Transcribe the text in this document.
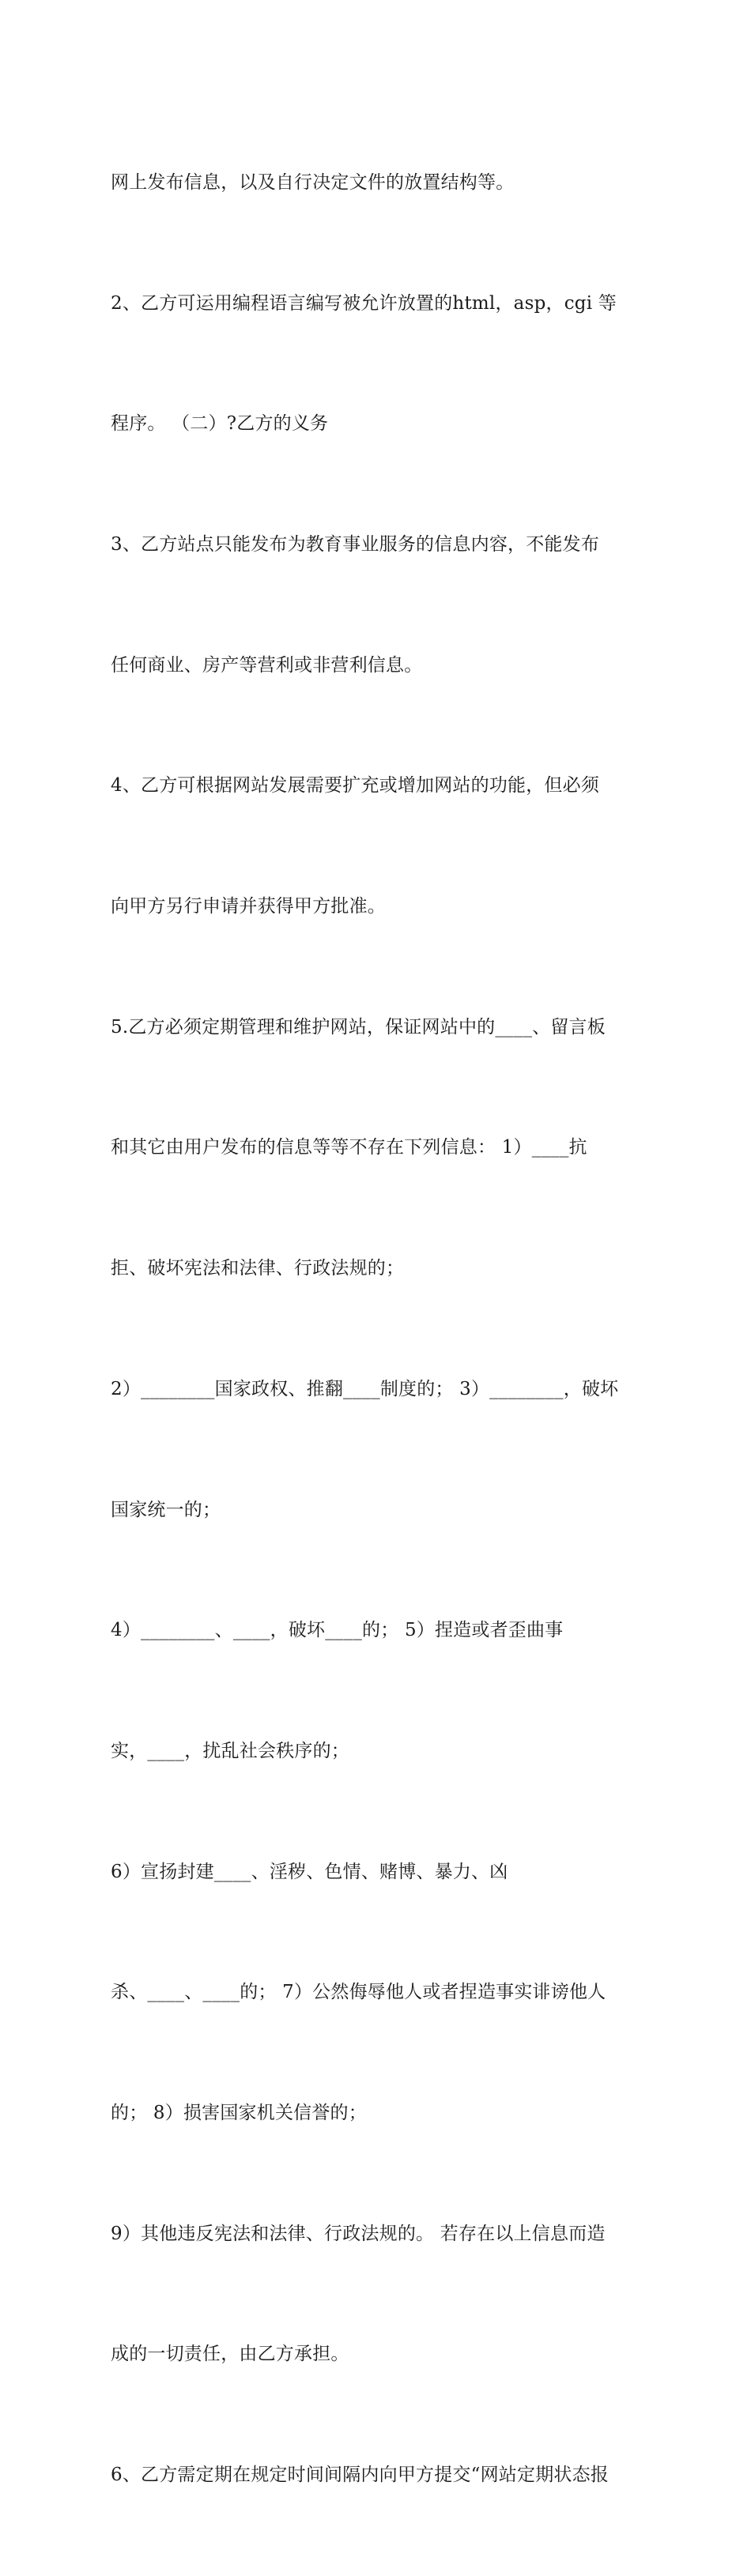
网上发布信息，以及自行决定文件的放置结构等。

2、乙方可运用编程语言编写被允许放置的html，asp，cgi 等

程序。 （二）?乙方的义务

3、乙方站点只能发布为教育事业服务的信息内容，不能发布

任何商业、房产等营利或非营利信息。

4、乙方可根据网站发展需要扩充或增加网站的功能，但必须

向甲方另行申请并获得甲方批准。

5.乙方必须定期管理和维护网站，保证网站中的____、留言板

和其它由用户发布的信息等等不存在下列信息： 1）____抗

拒、破坏宪法和法律、行政法规的；

2）________国家政权、推翻____制度的； 3）________，破坏

国家统一的；

4）________、____，破坏____的； 5）捏造或者歪曲事

实，____，扰乱社会秩序的；

6）宣扬封建____、淫秽、色情、赌博、暴力、凶

杀、____、____的； 7）公然侮辱他人或者捏造事实诽谤他人

的； 8）损害国家机关信誉的；

9）其他违反宪法和法律、行政法规的。 若存在以上信息而造

成的一切责任，由乙方承担。

6、乙方需定期在规定时间间隔内向甲方提交“网站定期状态报
